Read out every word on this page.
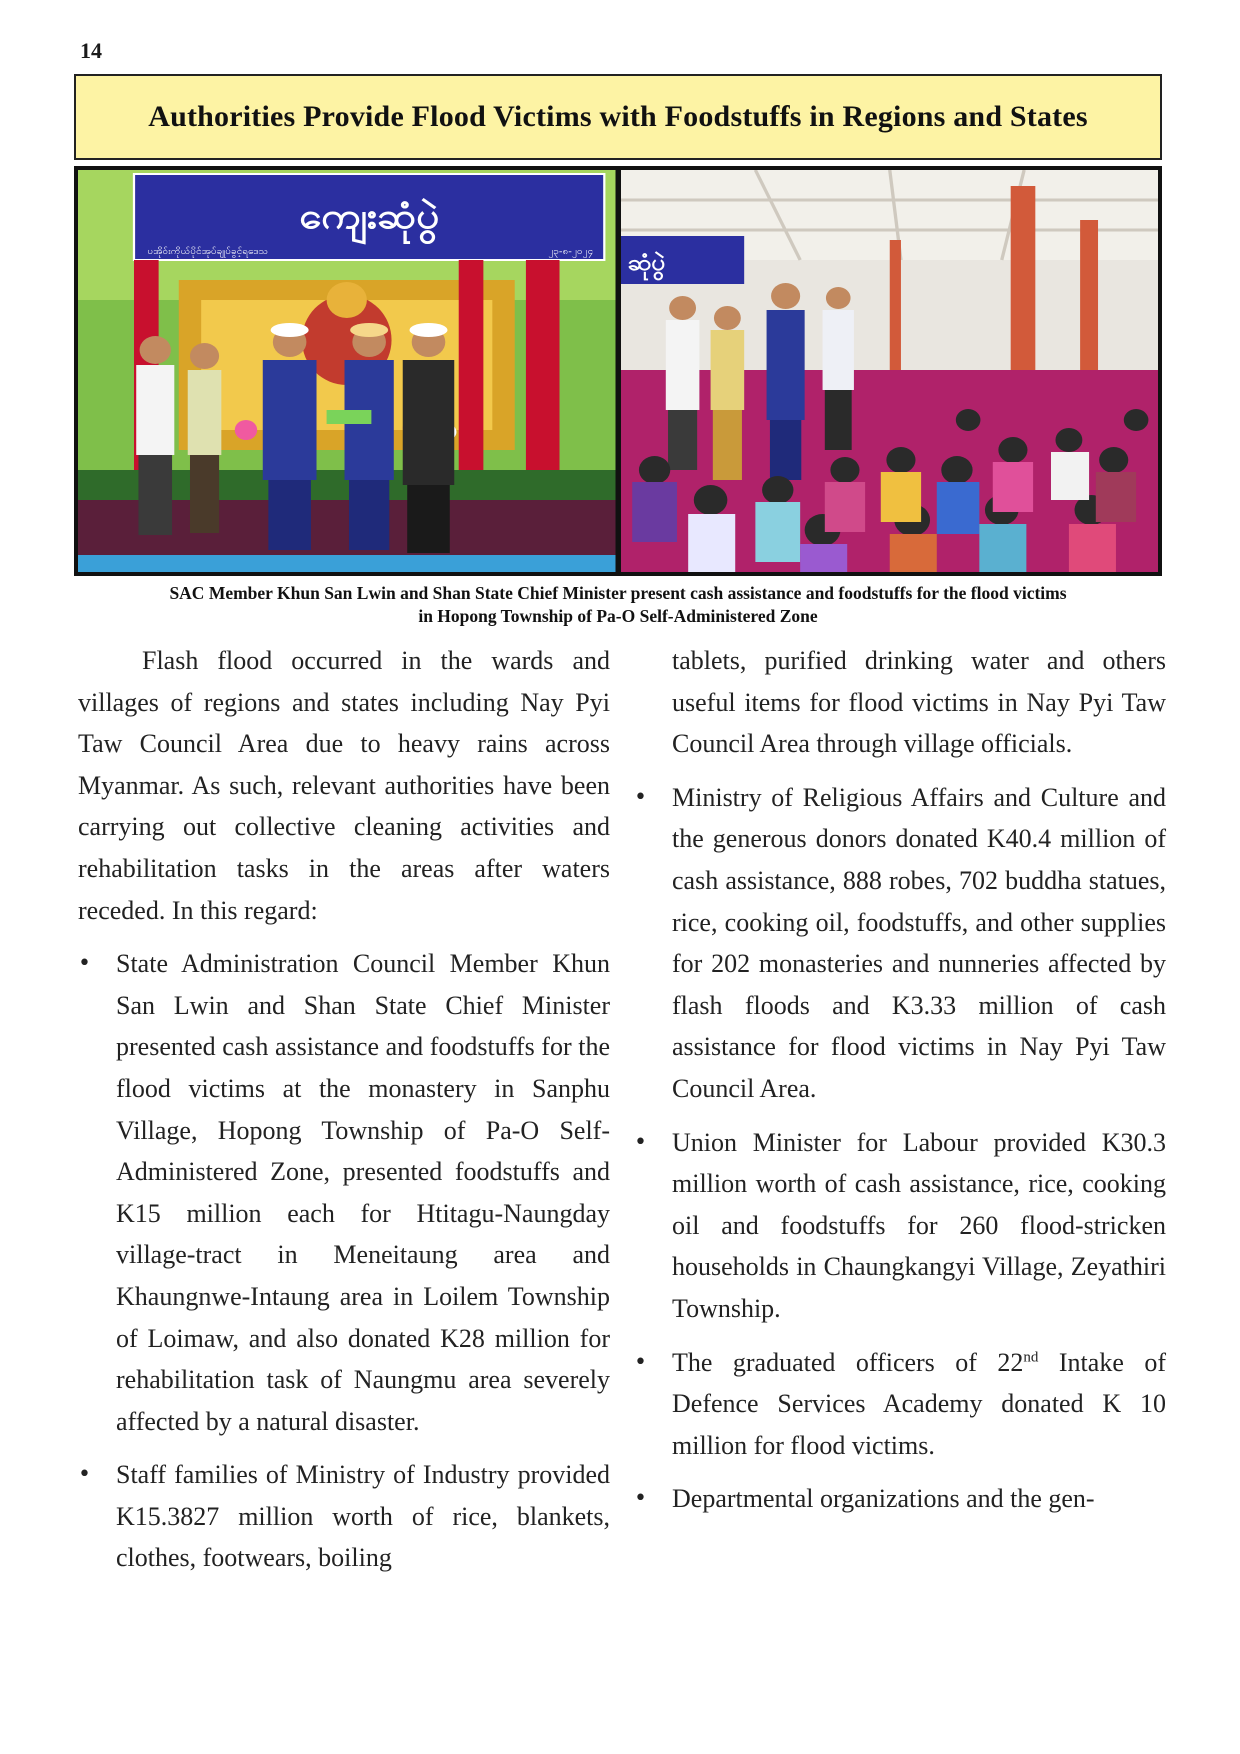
14
Authorities Provide Flood Victims with Foodstuffs in Regions and States
ကျေးဆုံပွဲ
ပအိုဝ်းကိုယ်ပိုင်အုပ်ချုပ်ခွင့်ရဒေသ	၂၃-၈-၂၀၂၄ ဆုံပွဲ
SAC Member Khun San Lwin and Shan State Chief Minister present cash assistance and foodstuffs for the flood victims
in Hopong Township of Pa-O Self-Administered Zone

Flash flood occurred in the wards and villages of regions and states including Nay Pyi Taw Council Area due to heavy rains across Myanmar. As such, relevant authorities have been carrying out collective cleaning activities and rehabilitation tasks in the areas after waters receded. In this regard:

• State Administration Council Member Khun San Lwin and Shan State Chief Minister presented cash assistance and foodstuffs for the flood victims at the monastery in Sanphu Village, Hopong Township of Pa-O Self-Administered Zone, presented foodstuffs and K15 million each for Htitagu-Naungday village-tract in Meneitaung area and Khaungnwe-Intaung area in Loilem Township of Loimaw, and also donated K28 million for rehabilitation task of Naungmu area severely affected by a natural disaster.
• Staff families of Ministry of Industry provided K15.3827 million worth of rice, blankets, clothes, footwears, boiling
tablets, purified drinking water and others useful items for flood victims in Nay Pyi Taw Council Area through village officials.
• Ministry of Religious Affairs and Culture and the generous donors donated K40.4 million of cash assistance, 888 robes, 702 buddha statues, rice, cooking oil, foodstuffs, and other supplies for 202 monasteries and nunneries affected by flash floods and K3.33 million of cash assistance for flood victims in Nay Pyi Taw Council Area.
• Union Minister for Labour provided K30.3 million worth of cash assistance, rice, cooking oil and foodstuffs for 260 flood-stricken households in Chaungkangyi Village, Zeyathiri Township.
• The graduated officers of 22nd Intake of Defence Services Academy donated K 10 million for flood victims.
• Departmental organizations and the gen-
